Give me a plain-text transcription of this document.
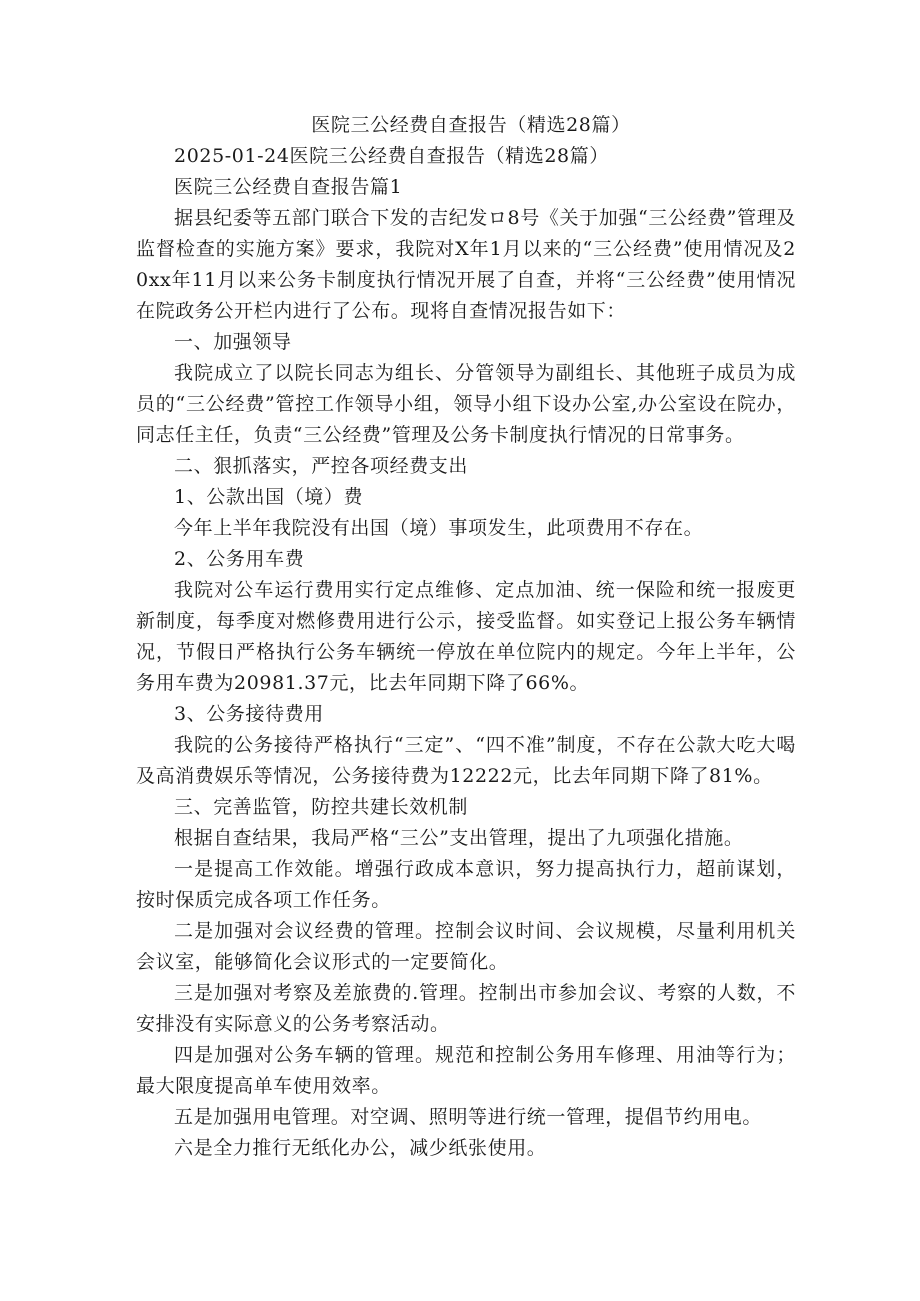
医院三公经费自查报告（精选28篇）

2025-01-24医院三公经费自查报告（精选28篇）

医院三公经费自查报告篇1

据县纪委等五部门联合下发的吉纪发ロ8号《关于加强“三公经费”管理及监督检查的实施方案》要求，我院对X年1月以来的“三公经费”使用情况及20xx年11月以来公务卡制度执行情况开展了自查，并将“三公经费”使用情况在院政务公开栏内进行了公布。现将自查情况报告如下：

一、加强领导

我院成立了以院长同志为组长、分管领导为副组长、其他班子成员为成员的“三公经费”管控工作领导小组，领导小组下设办公室,办公室设在院办，同志任主任，负责“三公经费”管理及公务卡制度执行情况的日常事务。

二、狠抓落实，严控各项经费支出

1、公款出国（境）费

今年上半年我院没有出国（境）事项发生，此项费用不存在。

2、公务用车费

我院对公车运行费用实行定点维修、定点加油、统一保险和统一报废更新制度，每季度对燃修费用进行公示，接受监督。如实登记上报公务车辆情况，节假日严格执行公务车辆统一停放在单位院内的规定。今年上半年，公务用车费为20981.37元，比去年同期下降了66%。

3、公务接待费用

我院的公务接待严格执行“三定”、“四不准”制度，不存在公款大吃大喝及高消费娱乐等情况，公务接待费为12222元，比去年同期下降了81%。

三、完善监管，防控共建长效机制

根据自查结果，我局严格“三公”支出管理，提出了九项强化措施。

一是提高工作效能。增强行政成本意识，努力提高执行力，超前谋划，按时保质完成各项工作任务。

二是加强对会议经费的管理。控制会议时间、会议规模，尽量利用机关会议室，能够简化会议形式的一定要简化。

三是加强对考察及差旅费的.管理。控制出市参加会议、考察的人数，不安排没有实际意义的公务考察活动。

四是加强对公务车辆的管理。规范和控制公务用车修理、用油等行为；最大限度提高单车使用效率。

五是加强用电管理。对空调、照明等进行统一管理，提倡节约用电。

六是全力推行无纸化办公，减少纸张使用。
